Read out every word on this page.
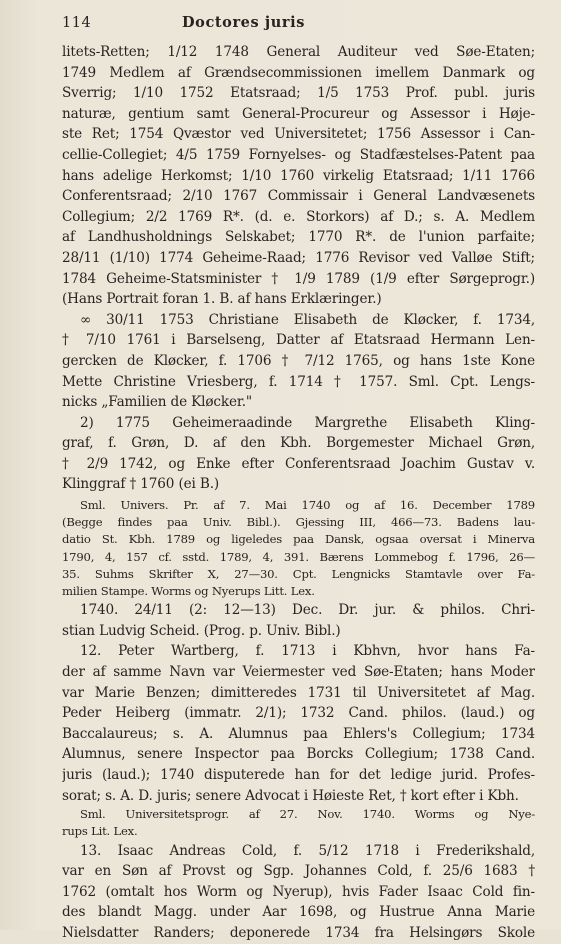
114	Doctores juris
litets-Retten; 1/12 1748 General Auditeur ved Søe-Etaten;
1749 Medlem af Grændsecommissionen imellem Danmark og
Sverrig; 1/10 1752 Etatsraad; 1/5 1753 Prof. publ. juris
naturæ, gentium samt General-Procureur og Assessor i Høje-
ste Ret; 1754 Qvæstor ved Universitetet; 1756 Assessor i Can-
cellie-Collegiet; 4/5 1759 Fornyelses- og Stadfæstelses-Patent paa
hans adelige Herkomst; 1/10 1760 virkelig Etatsraad; 1/11 1766
Conferentsraad; 2/10 1767 Commissair i General Landvæsenets
Collegium; 2/2 1769 R*. (d. e. Storkors) af D.; s. A. Medlem
af Landhusholdnings Selskabet; 1770 R*. de l'union parfaite;
28/11 (1/10) 1774 Geheime-Raad; 1776 Revisor ved Valløe Stift;
1784 Geheime-Statsminister † 1/9 1789 (1/9 efter Sørgeprogr.)
(Hans Portrait foran 1. B. af hans Erklæringer.)
∞ 30/11 1753 Christiane Elisabeth de Kløcker, f. 1734,
† 7/10 1761 i Barselseng, Datter af Etatsraad Hermann Len-
gercken de Kløcker, f. 1706 † 7/12 1765, og hans 1ste Kone
Mette Christine Vriesberg, f. 1714 † 1757. Sml. Cpt. Lengs-
nicks „Familien de Kløcker."
2) 1775 Geheimeraadinde Margrethe Elisabeth Kling-
graf, f. Grøn, D. af den Kbh. Borgemester Michael Grøn,
† 2/9 1742, og Enke efter Conferentsraad Joachim Gustav v.
Klinggraf † 1760 (ei B.)
Sml. Univers. Pr. af 7. Mai 1740 og af 16. December 1789
(Begge findes paa Univ. Bibl.). Gjessing III, 466—73. Badens lau-
datio St. Kbh. 1789 og ligeledes paa Dansk, ogsaa oversat i Minerva
1790, 4, 157 cf. sstd. 1789, 4, 391. Bærens Lommebog f. 1796, 26—
35. Suhms Skrifter X, 27—30. Cpt. Lengnicks Stamtavle over Fa-
milien Stampe. Worms og Nyerups Litt. Lex.
1740. 24/11 (2: 12—13) Dec. Dr. jur. & philos. Chri-
stian Ludvig Scheid. (Prog. p. Univ. Bibl.)
12. Peter Wartberg, f. 1713 i Kbhvn, hvor hans Fa-
der af samme Navn var Veiermester ved Søe-Etaten; hans Moder
var Marie Benzen; dimitteredes 1731 til Universitetet af Mag.
Peder Heiberg (immatr. 2/1); 1732 Cand. philos. (laud.) og
Baccalaureus; s. A. Alumnus paa Ehlers's Collegium; 1734
Alumnus, senere Inspector paa Borcks Collegium; 1738 Cand.
juris (laud.); 1740 disputerede han for det ledige jurid. Profes-
sorat; s. A. D. juris; senere Advocat i Høieste Ret, † kort efter i Kbh.
Sml. Universitetsprogr. af 27. Nov. 1740. Worms og Nye-
rups Lit. Lex.
13. Isaac Andreas Cold, f. 5/12 1718 i Frederikshald,
var en Søn af Provst og Sgp. Johannes Cold, f. 25/6 1683 †
1762 (omtalt hos Worm og Nyerup), hvis Fader Isaac Cold fin-
des blandt Magg. under Aar 1698, og Hustrue Anna Marie
Nielsdatter Randers; deponerede 1734 fra Helsingørs Skole
